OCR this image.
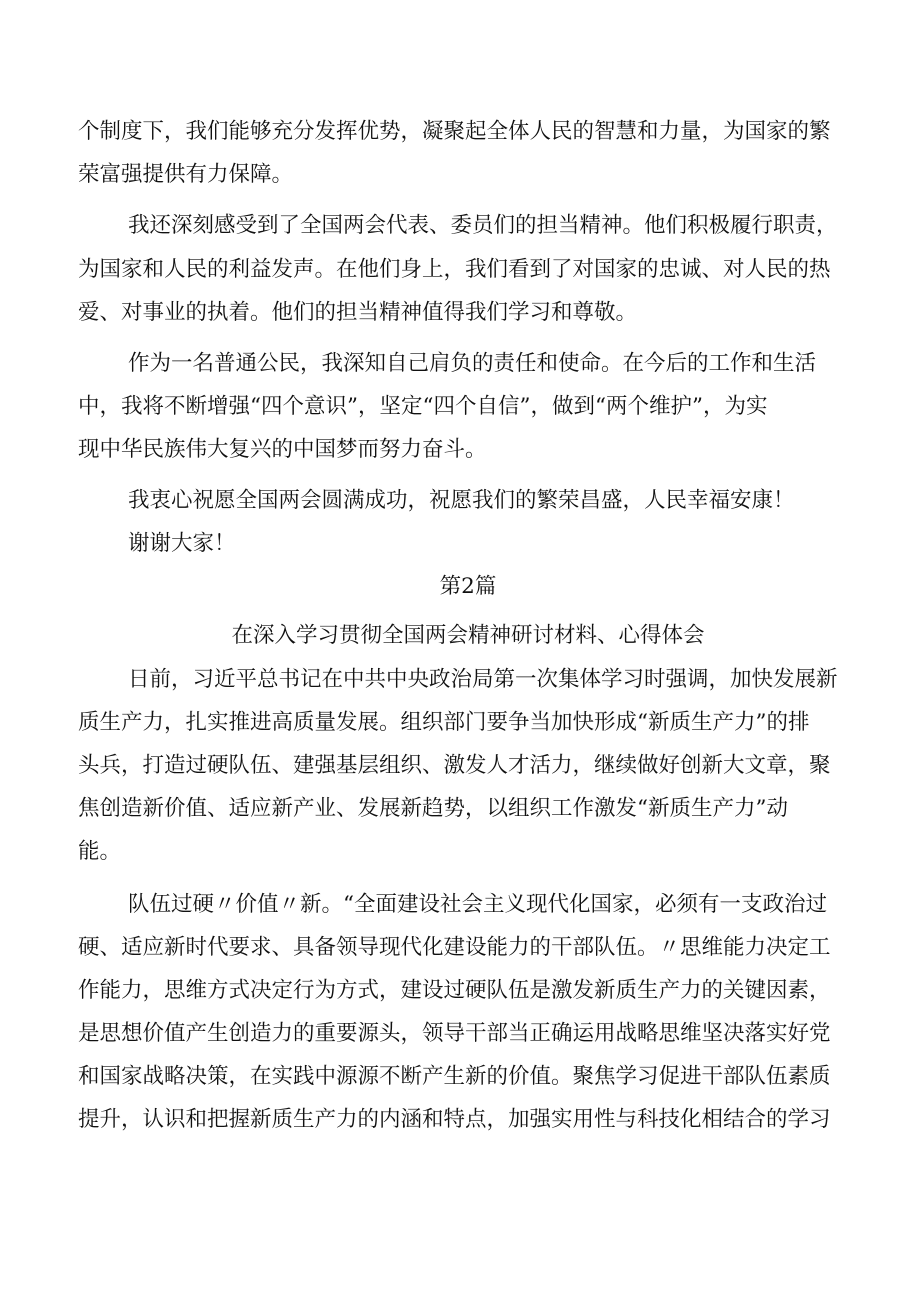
个制度下，我们能够充分发挥优势，凝聚起全体人民的智慧和力量，为国家的繁
荣富强提供有力保障。
我还深刻感受到了全国两会代表、委员们的担当精神。他们积极履行职责，
为国家和人民的利益发声。在他们身上，我们看到了对国家的忠诚、对人民的热
爱、对事业的执着。他们的担当精神值得我们学习和尊敬。
作为一名普通公民，我深知自己肩负的责任和使命。在今后的工作和生活
中，我将不断增强“四个意识”，坚定“四个自信”，做到“两个维护”，为实
现中华民族伟大复兴的中国梦而努力奋斗。
我衷心祝愿全国两会圆满成功，祝愿我们的繁荣昌盛，人民幸福安康！
谢谢大家！
第2篇
在深入学习贯彻全国两会精神研讨材料、心得体会
日前，习近平总书记在中共中央政治局第一次集体学习时强调，加快发展新
质生产力，扎实推进高质量发展。组织部门要争当加快形成“新质生产力”的排
头兵，打造过硬队伍、建强基层组织、激发人才活力，继续做好创新大文章，聚
焦创造新价值、适应新产业、发展新趋势，以组织工作激发“新质生产力”动
能。
队伍过硬〃价值〃新。“全面建设社会主义现代化国家，必须有一支政治过
硬、适应新时代要求、具备领导现代化建设能力的干部队伍。〃思维能力决定工
作能力，思维方式决定行为方式，建设过硬队伍是激发新质生产力的关键因素，
是思想价值产生创造力的重要源头，领导干部当正确运用战略思维坚决落实好党
和国家战略决策，在实践中源源不断产生新的价值。聚焦学习促进干部队伍素质
提升，认识和把握新质生产力的内涵和特点，加强实用性与科技化相结合的学习
